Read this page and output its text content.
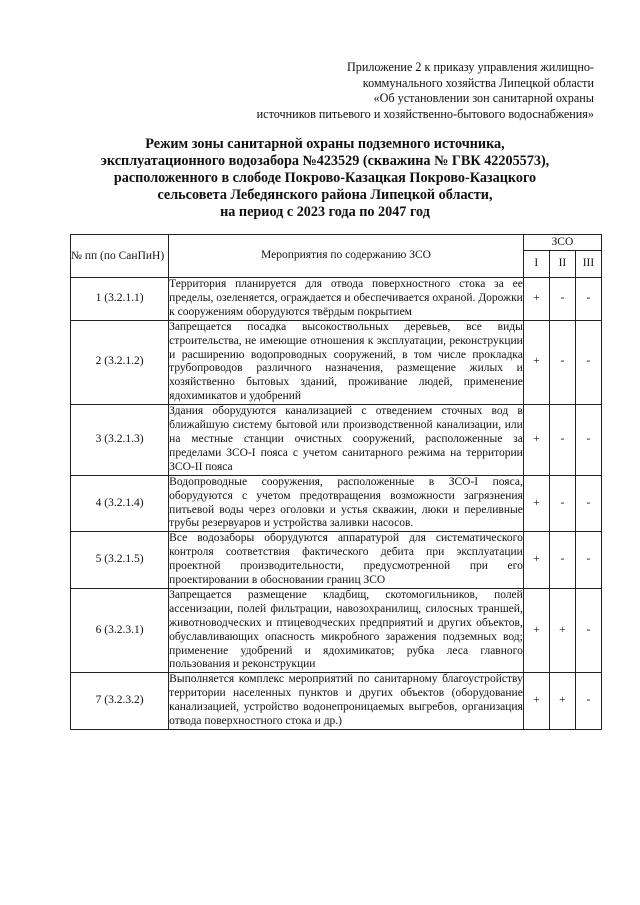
Приложение 2 к приказу управления жилищно-
коммунального хозяйства Липецкой области
«Об установлении зон санитарной охраны
источников питьевого и хозяйственно-бытового водоснабжения»
Режим зоны санитарной охраны подземного источника,
эксплуатационного водозабора №423529 (скважина № ГВК 42205573),
расположенного в слободе Покрово-Казацкая Покрово-Казацкого
сельсовета Лебедянского района Липецкой области,
на период с 2023 года по 2047 год
№ пп (по СанПиН)	Мероприятия по содержанию ЗСО	ЗСО		
		I	II	III
1 (3.2.1.1)	Территория планируется для отвода поверхностного стока за ее пределы, озеленяется, ограждается и обеспечивается охраной. Дорожки к сооружениям оборудуются твёрдым покрытием	+	-	-
2 (3.2.1.2)	Запрещается посадка высокоствольных деревьев, все виды строительства, не имеющие отношения к эксплуатации, реконструкции и расширению водопроводных сооружений, в том числе прокладка трубопроводов различного назначения, размещение жилых и хозяйственно бытовых зданий, проживание людей, применение ядохимикатов и удобрений	+	-	-
3 (3.2.1.3)	Здания оборудуются канализацией с отведением сточных вод в ближайшую систему бытовой или производственной канализации, или на местные станции очистных сооружений, расположенные за пределами ЗСО-I пояса с учетом санитарного режима на территории ЗСО-II пояса	+	-	-
4 (3.2.1.4)	Водопроводные сооружения, расположенные в ЗСО-I пояса, оборудуются с учетом предотвращения возможности загрязнения питьевой воды через оголовки и устья скважин, люки и переливные трубы резервуаров и устройства заливки насосов.	+	-	-
5 (3.2.1.5)	Все водозаборы оборудуются аппаратурой для систематического контроля соответствия фактического дебита при эксплуатации проектной производительности, предусмотренной при его проектировании в обосновании границ ЗСО	+	-	-
6 (3.2.3.1)	Запрещается размещение кладбищ, скотомогильников, полей ассенизации, полей фильтрации, навозохранилищ, силосных траншей, животноводческих и птицеводческих предприятий и других объектов, обуславливающих опасность микробного заражения подземных вод; применение удобрений и ядохимикатов; рубка леса главного пользования и реконструкции	+	+	-
7 (3.2.3.2)	Выполняется комплекс мероприятий по санитарному благоустройству территории населенных пунктов и других объектов (оборудование канализацией, устройство водонепроницаемых выгребов, организация отвода поверхностного стока и др.)	+	+	-
